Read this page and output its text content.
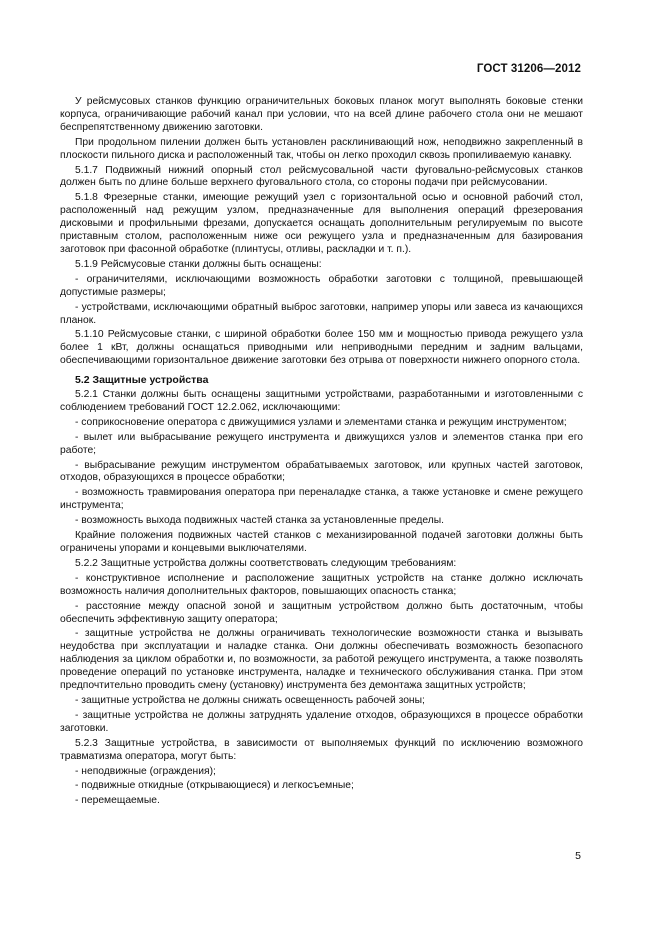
ГОСТ 31206—2012

У рейсмусовых станков функцию ограничительных боковых планок могут выполнять боковые стенки корпуса, ограничивающие рабочий канал при условии, что на всей длине рабочего стола они не мешают беспрепятственному движению заготовки.

При продольном пилении должен быть установлен расклинивающий нож, неподвижно закрепленный в плоскости пильного диска и расположенный так, чтобы он легко проходил сквозь пропиливаемую канавку.

5.1.7 Подвижный нижний опорный стол рейсмусовальной части фуговально-рейсмусовых станков должен быть по длине больше верхнего фуговального стола, со стороны подачи при рейсмусовании.

5.1.8 Фрезерные станки, имеющие режущий узел с горизонтальной осью и основной рабочий стол, расположенный над режущим узлом, предназначенные для выполнения операций фрезерования дисковыми и профильными фрезами, допускается оснащать дополнительным регулируемым по высоте приставным столом, расположенным ниже оси режущего узла и предназначенным для базирования заготовок при фасонной обработке (плинтусы, отливы, раскладки и т. п.).

5.1.9 Рейсмусовые станки должны быть оснащены:

- ограничителями, исключающими возможность обработки заготовки с толщиной, превышающей допустимые размеры;

- устройствами, исключающими обратный выброс заготовки, например упоры или завеса из качающихся планок.

5.1.10 Рейсмусовые станки, с шириной обработки более 150 мм и мощностью привода режущего узла более 1 кВт, должны оснащаться приводными или неприводными передним и задним вальцами, обеспечивающими горизонтальное движение заготовки без отрыва от поверхности нижнего опорного стола.

5.2 Защитные устройства

5.2.1 Станки должны быть оснащены защитными устройствами, разработанными и изготовленными с соблюдением требований ГОСТ 12.2.062, исключающими:

- соприкосновение оператора с движущимися узлами и элементами станка и режущим инструментом;

- вылет или выбрасывание режущего инструмента и движущихся узлов и элементов станка при его работе;

- выбрасывание режущим инструментом обрабатываемых заготовок, или крупных частей заготовок, отходов, образующихся в процессе обработки;

- возможность травмирования оператора при переналадке станка, а также установке и смене режущего инструмента;

- возможность выхода подвижных частей станка за установленные пределы.

Крайние положения подвижных частей станков с механизированной подачей заготовки должны быть ограничены упорами и концевыми выключателями.

5.2.2 Защитные устройства должны соответствовать следующим требованиям:

- конструктивное исполнение и расположение защитных устройств на станке должно исключать возможность наличия дополнительных факторов, повышающих опасность станка;

- расстояние между опасной зоной и защитным устройством должно быть достаточным, чтобы обеспечить эффективную защиту оператора;

- защитные устройства не должны ограничивать технологические возможности станка и вызывать неудобства при эксплуатации и наладке станка. Они должны обеспечивать возможность безопасного наблюдения за циклом обработки и, по возможности, за работой режущего инструмента, а также позволять проведение операций по установке инструмента, наладке и технического обслуживания станка. При этом предпочтительно проводить смену (установку) инструмента без демонтажа защитных устройств;

- защитные устройства не должны снижать освещенность рабочей зоны;

- защитные устройства не должны затруднять удаление отходов, образующихся в процессе обработки заготовки.

5.2.3 Защитные устройства, в зависимости от выполняемых функций по исключению возможного травматизма оператора, могут быть:

- неподвижные (ограждения);

- подвижные откидные (открывающиеся) и легкосъемные;

- перемещаемые.

5
